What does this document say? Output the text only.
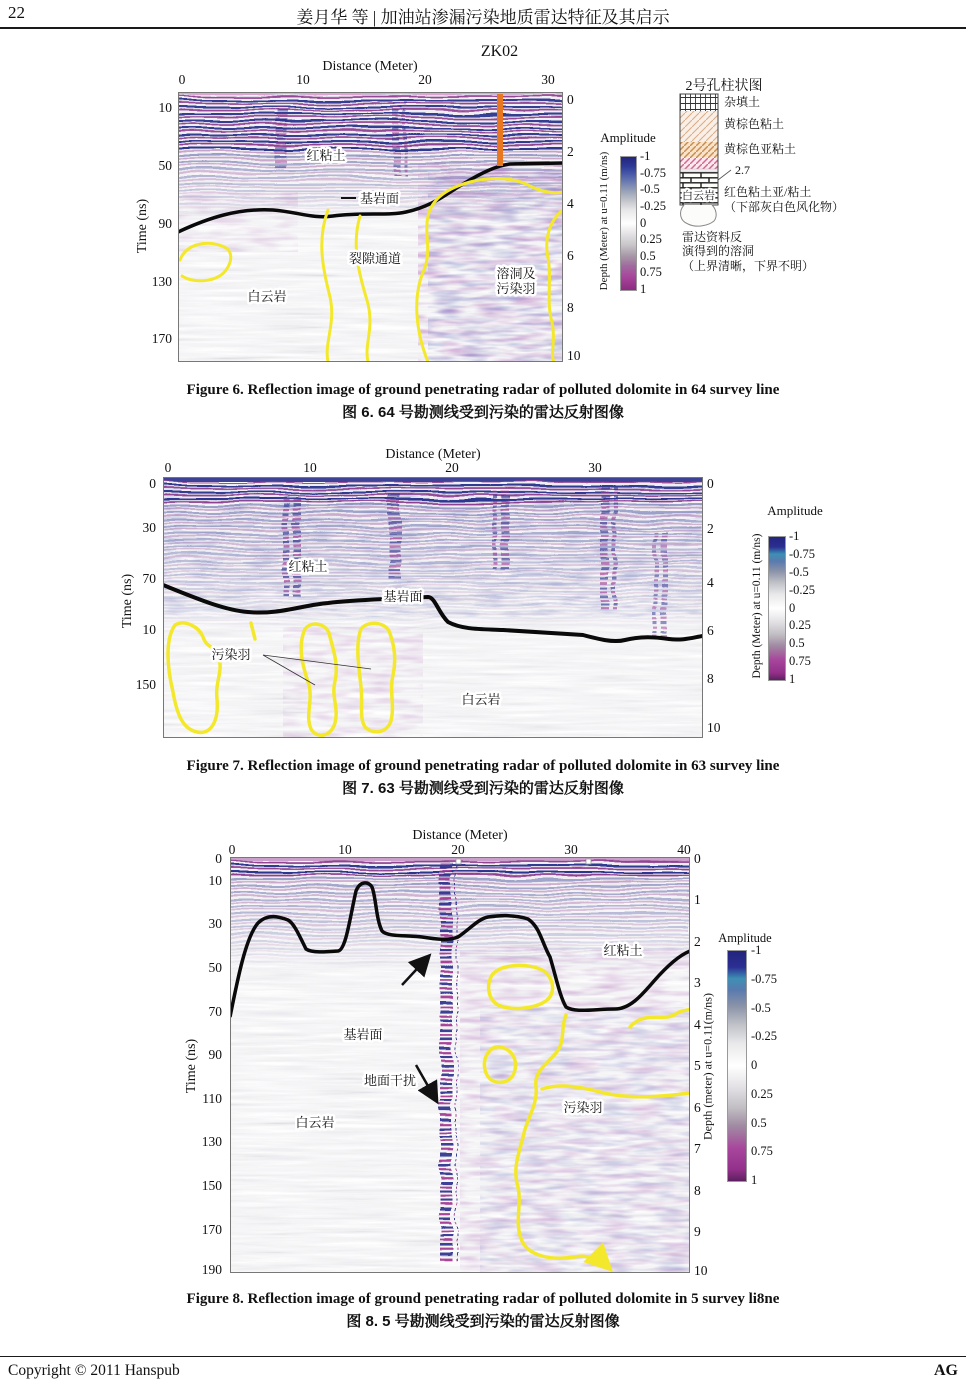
22	姜月华 等 | 加油站渗漏污染地质雷达特征及其启示
ZK02
Distance (Meter)
0	10	20	30
Time (ns)
10
50
90
130
170
0
2
4
6
8
10
红粘土
基岩面
裂隙通道
白云岩
溶洞及
污染羽
Amplitude
Depth (Meter) at u=0.11 (m/ns) -1
-0.75
-0.5
-0.25
0
0.25
0.5
0.75
1
2号孔柱状图
白云岩
杂填土
黄棕色粘土
黄棕色亚粘土
2.7
红色粘土亚/粘土
（下部灰白色风化物）
雷达资料反
演得到的溶洞
（上界清晰，下界不明）
Figure 6. Reflection image of ground penetrating radar of polluted dolomite in 64 survey line
图 6. 64 号勘测线受到污染的雷达反射图像
Distance (Meter)
0	10	20	30
Time (ns)
0
30
70
10
150
0
2
4
6
8
10
红粘土
基岩面
污染羽
白云岩
Amplitude
Depth (Meter) at u=0.11 (m/ns) -1
-0.75
-0.5
-0.25
0
0.25
0.5
0.75
1
Figure 7. Reflection image of ground penetrating radar of polluted dolomite in 63 survey line
图 7. 63 号勘测线受到污染的雷达反射图像
Distance (Meter)
0	10	20	30	40
Time (ns)
0
10
30
50
70
90
110
130
150
170
190
0
1
2
3
4
5
6
7
8
9
10
红粘土
基岩面
地面干扰
白云岩
污染羽
Amplitude
Depth (meter) at u=0.11(m/ns)
-1
-0.75
-0.5
-0.25
0
0.25
0.5
0.75
1
Figure 8. Reflection image of ground penetrating radar of polluted dolomite in 5 survey li8ne
图 8. 5 号勘测线受到污染的雷达反射图像
Copyright © 2011 Hanspub	AG
